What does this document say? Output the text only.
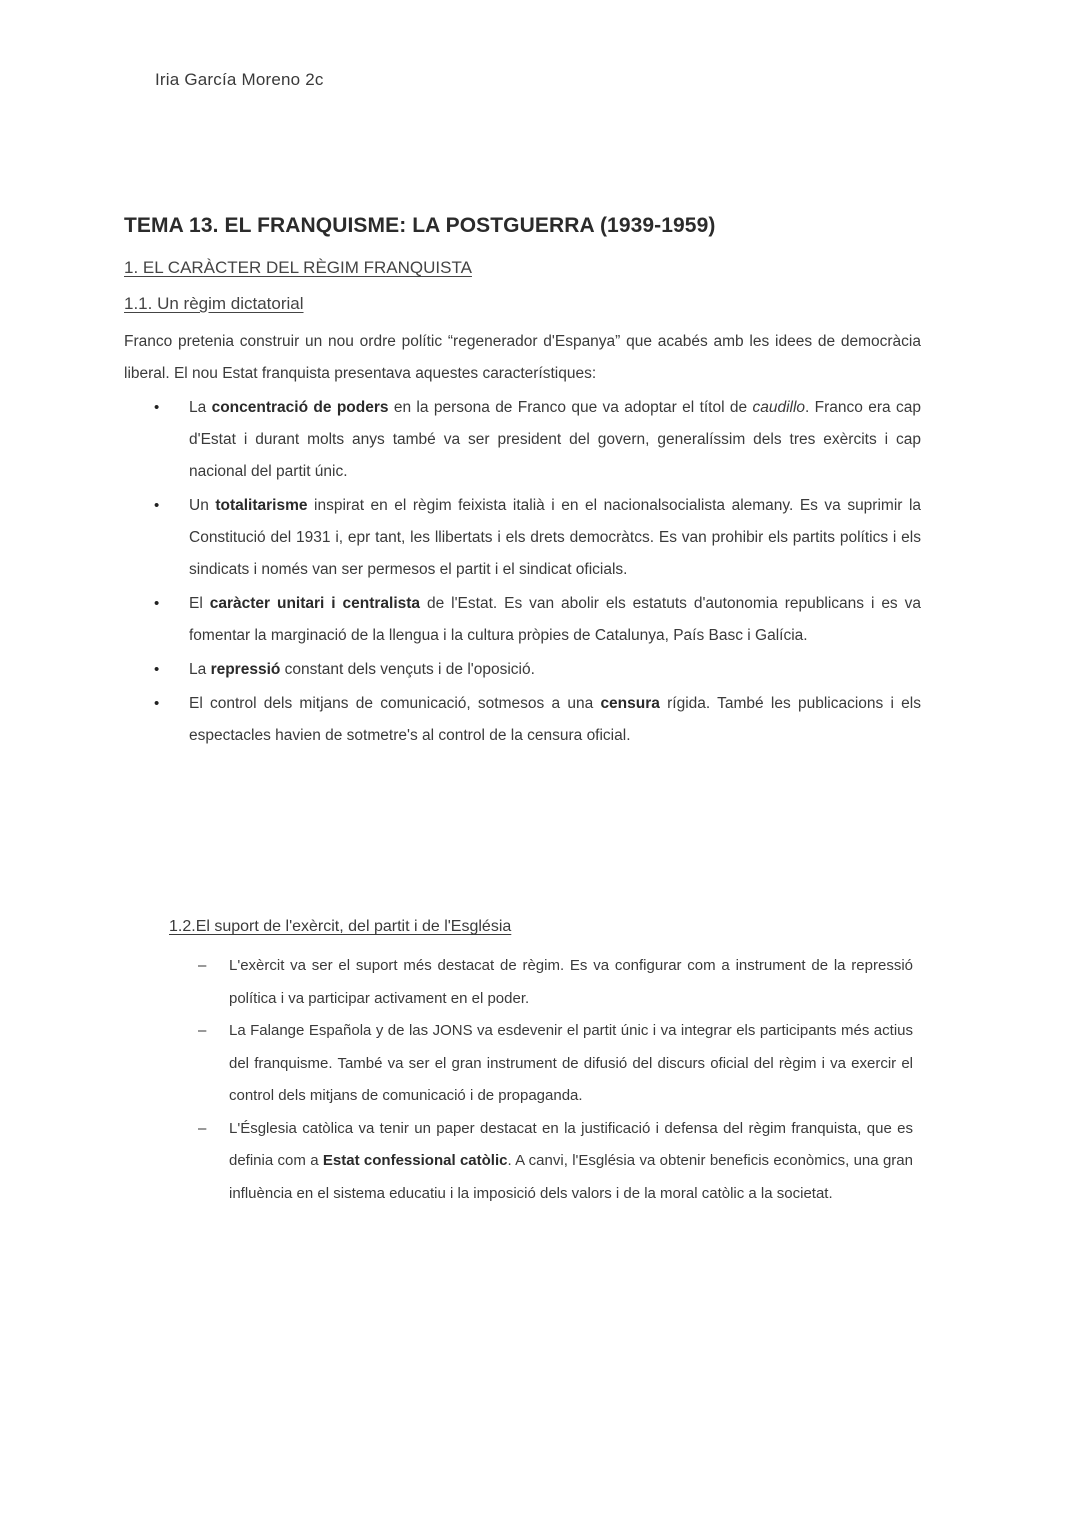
Iria García Moreno 2c
TEMA 13. EL FRANQUISME: LA POSTGUERRA (1939-1959)
1. EL CARÀCTER DEL RÈGIM FRANQUISTA
1.1. Un règim dictatorial
Franco pretenia construir un nou ordre polític “regenerador d'Espanya” que acabés amb les idees de democràcia liberal. El nou Estat franquista presentava aquestes característiques:
• La concentració de poders en la persona de Franco que va adoptar el títol de caudillo. Franco era cap d'Estat i durant molts anys també va ser president del govern, generalíssim dels tres exèrcits i cap nacional del partit únic.
• Un totalitarisme inspirat en el règim feixista italià i en el nacionalsocialista alemany. Es va suprimir la Constitució del 1931 i, epr tant, les llibertats i els drets democràtcs. Es van prohibir els partits polítics i els sindicats i només van ser permesos el partit i el sindicat oficials.
• El caràcter unitari i centralista de l'Estat. Es van abolir els estatuts d'autonomia republicans i es va fomentar la marginació de la llengua i la cultura pròpies de Catalunya, País Basc i Galícia.
• La repressió constant dels vençuts i de l'oposició.
• El control dels mitjans de comunicació, sotmesos a una censura rígida. També les publicacions i els espectacles havien de sotmetre's al control de la censura oficial.
1.2.El suport de l'exèrcit, del partit i de l'Església
– L'exèrcit va ser el suport més destacat de règim. Es va configurar com a instrument de la repressió política i va participar activament en el poder.
– La Falange Española y de las JONS va esdevenir el partit únic i va integrar els participants més actius del franquisme. També va ser el gran instrument de difusió del discurs oficial del règim i va exercir el control dels mitjans de comunicació i de propaganda.
– L'Ésglesia catòlica va tenir un paper destacat en la justificació i defensa del règim franquista, que es definia com a Estat confessional catòlic. A canvi, l'Església va obtenir beneficis econòmics, una gran influència en el sistema educatiu i la imposició dels valors i de la moral catòlic a la societat.
